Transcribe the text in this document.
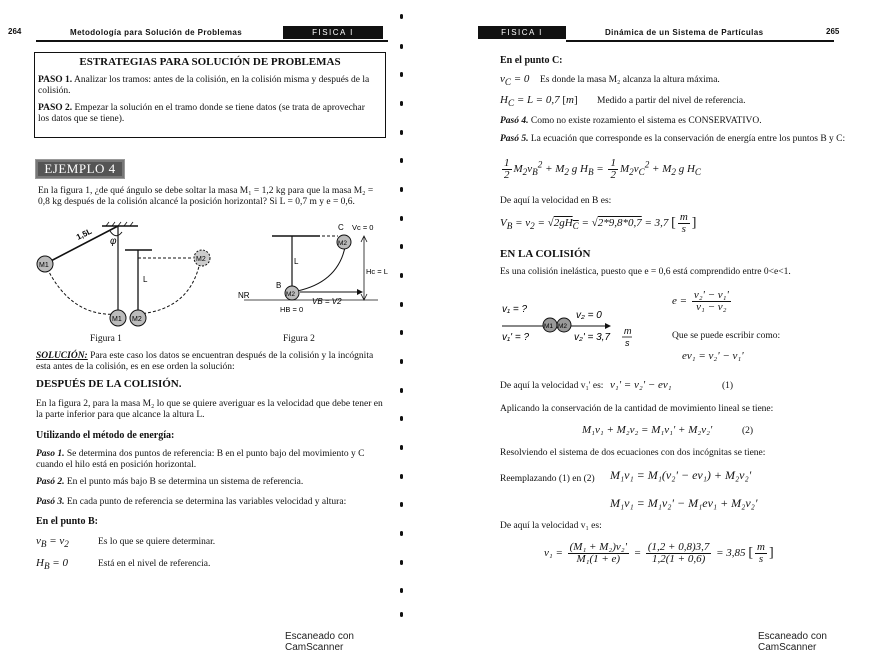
264	Metodología para Solución de Problemas	FISICA I
ESTRATEGIAS PARA SOLUCIÓN DE PROBLEMAS
PASO 1. Analizar los tramos: antes de la colisión, en la colisión misma y después de la colisión.
PASO 2. Empezar la solución en el tramo donde se tiene datos (se trata de aprovechar los datos que se tiene).
EJEMPLO 4
En la figura 1, ¿de qué ángulo se debe soltar la masa M₁ = 1,2 kg para que la masa M₂ = 0,8 kg después de la colisión alcancé la posición horizontal? Si L = 0,7 m y e = 0,6.
1,5L φ
L
M1
M1 M2
M2
Figura 1
C Vc = 0
M2
L
Hc = L
B
M2
NR
VB = V2
HB = 0
Figura 2
SOLUCIÓN: Para este caso los datos se encuentran después de la colisión y la incógnita esta antes de la colisión, es en ese orden la solución:
DESPUÉS DE LA COLISIÓN.
En la figura 2, para la masa M₂ lo que se quiere averiguar es la velocidad que debe tener en la parte inferior para que alcance la altura L.
Utilizando el método de energía:
Paso 1. Se determina dos puntos de referencia: B en el punto bajo del movimiento y C cuando el hilo está en posición horizontal.
Pasó 2. En el punto más bajo B se determina un sistema de referencia.
Pasó 3. En cada punto de referencia se determina las variables velocidad y altura:
En el punto B:
$v_B = v_2$	Es lo que se quiere determinar.
$H_B = 0$	Está en el nivel de referencia.
Escaneado con CamScanner
FISICA I	Dinámica de un Sistema de Partículas	265
En el punto C:
$v_C = 0$ Es donde la masa M₂ alcanza la altura máxima.
$H_C = L = 0,7$ [m] Medido a partir del nivel de referencia.
Pasó 4. Como no existe rozamiento el sistema es CONSERVATIVO.
Pasó 5. La ecuación que corresponde es la conservación de energía entre los puntos B y C:
$\frac{1}{2} M_2v_B^2 + M_2$ g $H_B = \frac{1}{2} M_2v_C^2 + M_2$ g $H_C$
De aquí la velocidad en B es:
$V_B = v_2 = √2gH_C = √2*9,8*0,7 = 3,7$ [ $\frac{m}{s}$ ]
EN LA COLISIÓN
Es una colisión inelástica, puesto que e = 0,6 está comprendido entre 0<e<1.
v₁ = ?
v₂ = 0
M1 M2
v₁' = ?	v₂' = 3,7
m
s
$e = \frac{\text{v₂' − v₁'}}{\text{v₁ − v₂}}$
Que se puede escribir como:
ev₁ = v₂' − v₁'
De aquí la velocidad v₁' es: v₁' = v₂' − ev₁	(1)
Aplicando la conservación de la cantidad de movimiento lineal se tiene:
M₁v₁ + M₂v₂ = M₁v₁' + M₂v₂'	(2)
Resolviendo el sistema de dos ecuaciones con dos incógnitas se tiene:
Reemplazando (1) en (2) M₁v₁ = M₁(v₂' − ev₁) + M₂v₂'
M₁v₁ = M₁v₂' − M₁ev₁ + M₂v₂'
De aquí la velocidad v₁ es:
$v_1 = \frac{\text{(M₁ + M₂)v₂'}}{\text{M₁(1 + e)}} = \frac{(1,2 + 0,8)3,7}{1,2(1 + 0,6)} = 3,85$ [ $\frac{m}{s}$ ]
Escaneado con CamScanner
